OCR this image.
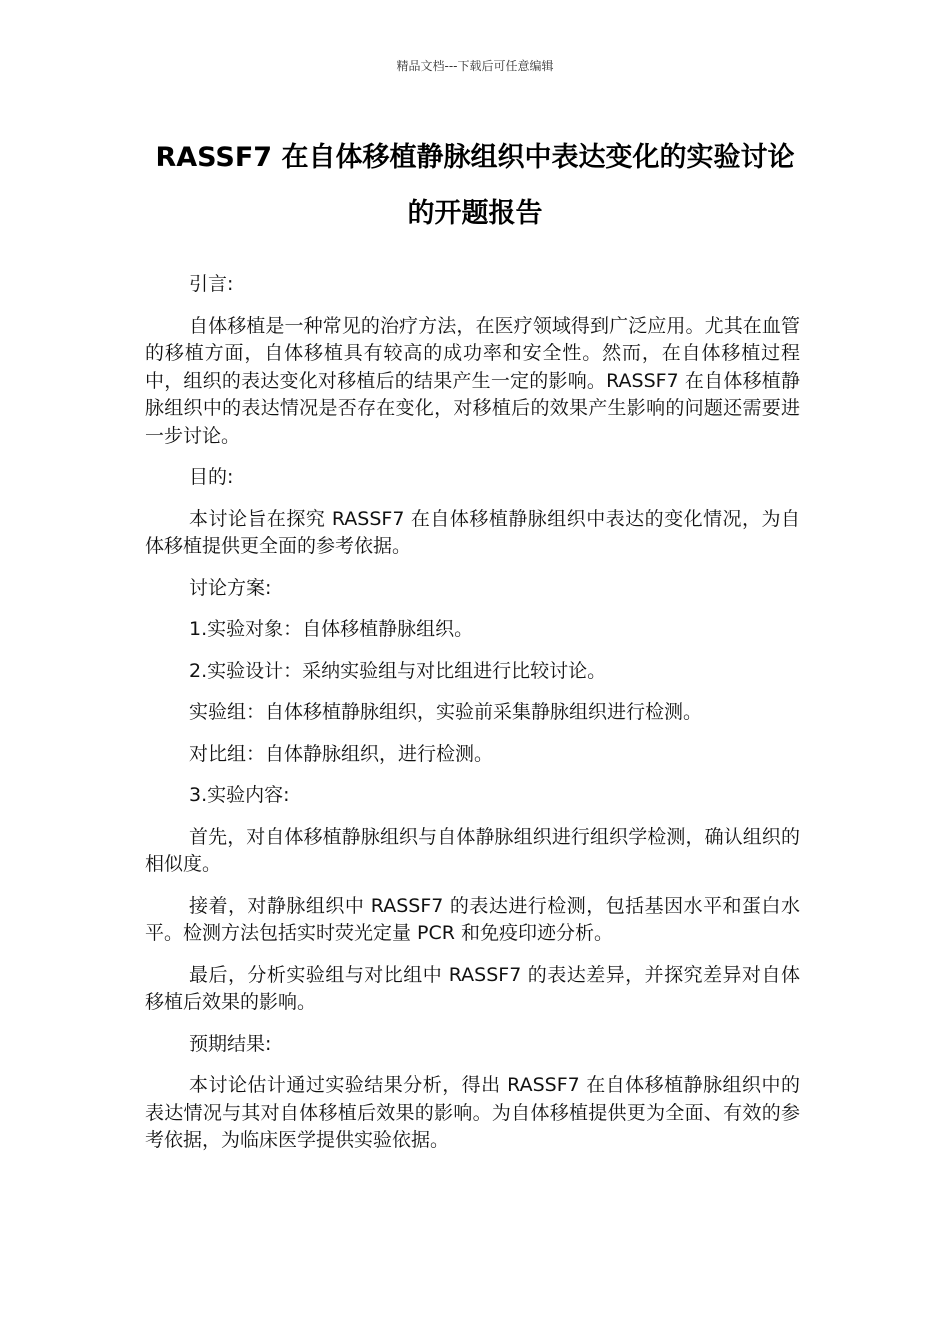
精品文档---下载后可任意编辑
RASSF7 在自体移植静脉组织中表达变化的实验讨论的开题报告

引言:

自体移植是一种常见的治疗方法，在医疗领域得到广泛应用。尤其在血管的移植方面，自体移植具有较高的成功率和安全性。然而，在自体移植过程中，组织的表达变化对移植后的结果产生一定的影响。RASSF7 在自体移植静脉组织中的表达情况是否存在变化，对移植后的效果产生影响的问题还需要进一步讨论。

目的:

本讨论旨在探究 RASSF7 在自体移植静脉组织中表达的变化情况，为自体移植提供更全面的参考依据。

讨论方案:

1.实验对象：自体移植静脉组织。

2.实验设计：采纳实验组与对比组进行比较讨论。

实验组：自体移植静脉组织，实验前采集静脉组织进行检测。

对比组：自体静脉组织，进行检测。

3.实验内容:

首先，对自体移植静脉组织与自体静脉组织进行组织学检测，确认组织的相似度。

接着，对静脉组织中 RASSF7 的表达进行检测，包括基因水平和蛋白水平。检测方法包括实时荧光定量 PCR 和免疫印迹分析。

最后，分析实验组与对比组中 RASSF7 的表达差异，并探究差异对自体移植后效果的影响。

预期结果:

本讨论估计通过实验结果分析，得出 RASSF7 在自体移植静脉组织中的表达情况与其对自体移植后效果的影响。为自体移植提供更为全面、有效的参考依据，为临床医学提供实验依据。
